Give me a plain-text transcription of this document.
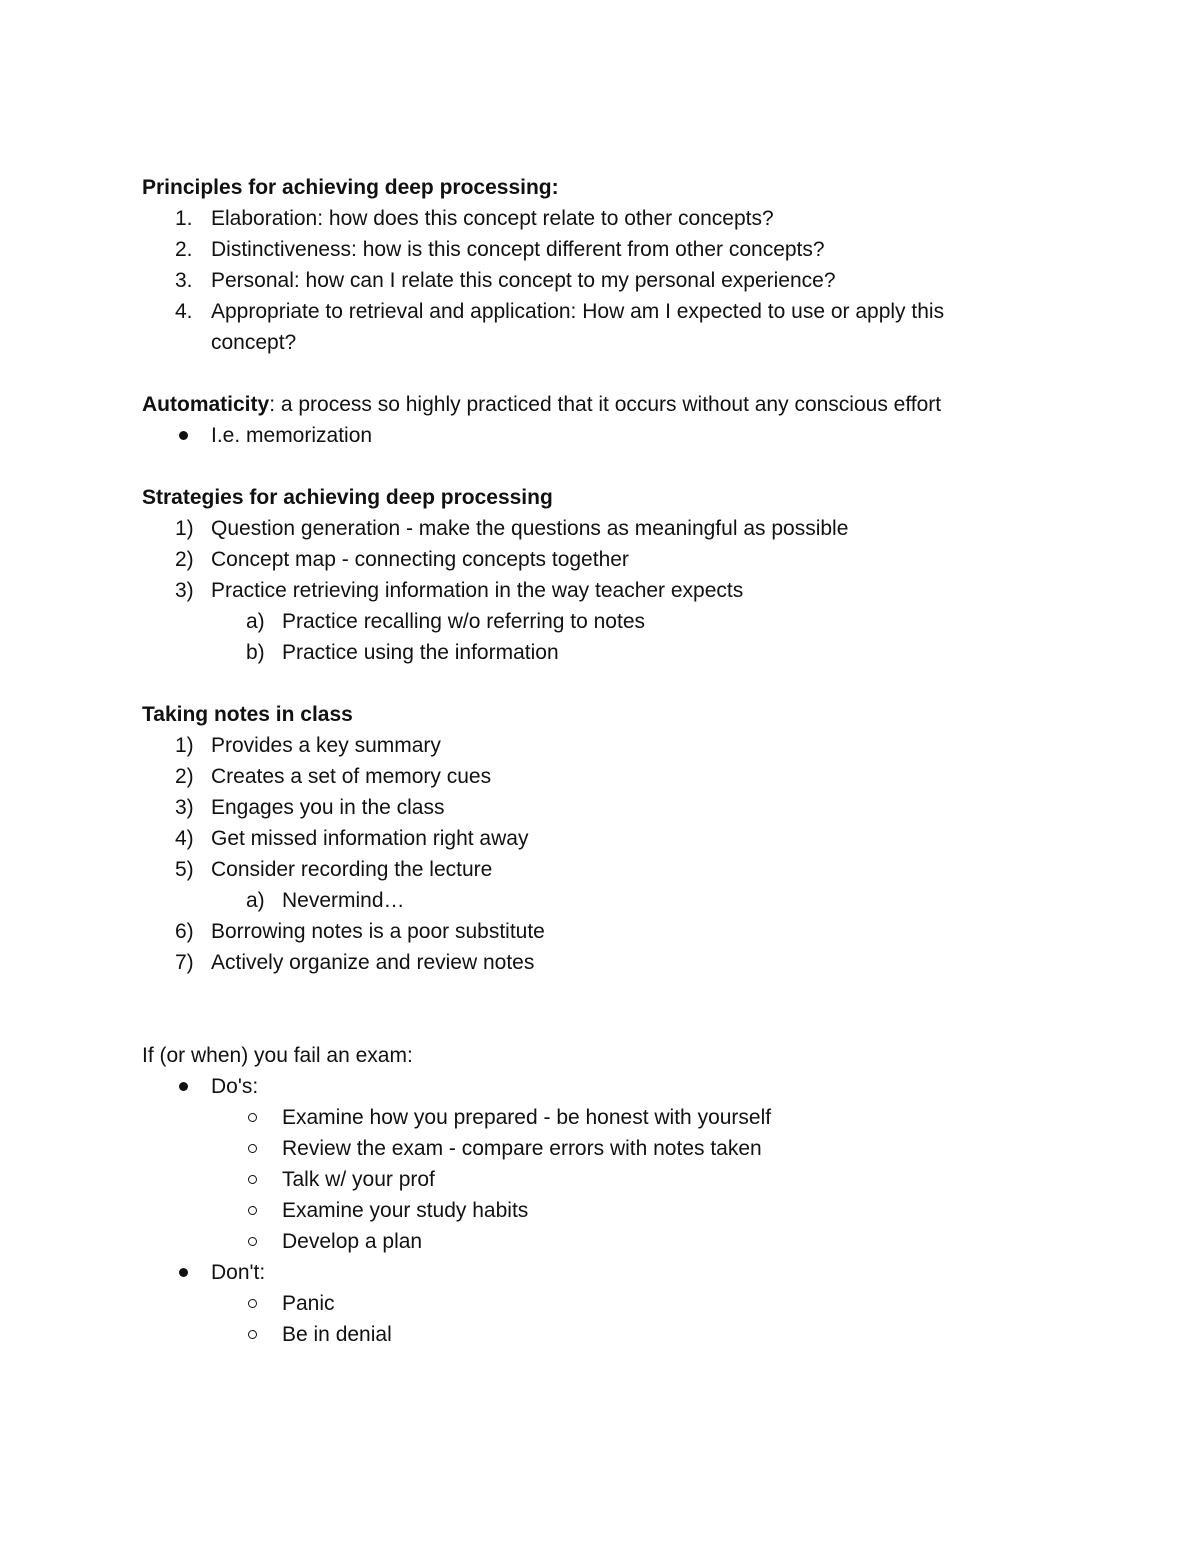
Principles for achieving deep processing:
1. Elaboration: how does this concept relate to other concepts?
2. Distinctiveness: how is this concept different from other concepts?
3. Personal: how can I relate this concept to my personal experience?
4. Appropriate to retrieval and application: How am I expected to use or apply this
concept?
Automaticity: a process so highly practiced that it occurs without any conscious effort
I.e. memorization
Strategies for achieving deep processing
1) Question generation - make the questions as meaningful as possible
2) Concept map - connecting concepts together
3) Practice retrieving information in the way teacher expects
a) Practice recalling w/o referring to notes
b) Practice using the information
Taking notes in class
1) Provides a key summary
2) Creates a set of memory cues
3) Engages you in the class
4) Get missed information right away
5) Consider recording the lecture
a) Nevermind…
6) Borrowing notes is a poor substitute
7) Actively organize and review notes
If (or when) you fail an exam:
Do's:
Examine how you prepared - be honest with yourself
Review the exam - compare errors with notes taken
Talk w/ your prof
Examine your study habits
Develop a plan
Don't:
Panic
Be in denial
